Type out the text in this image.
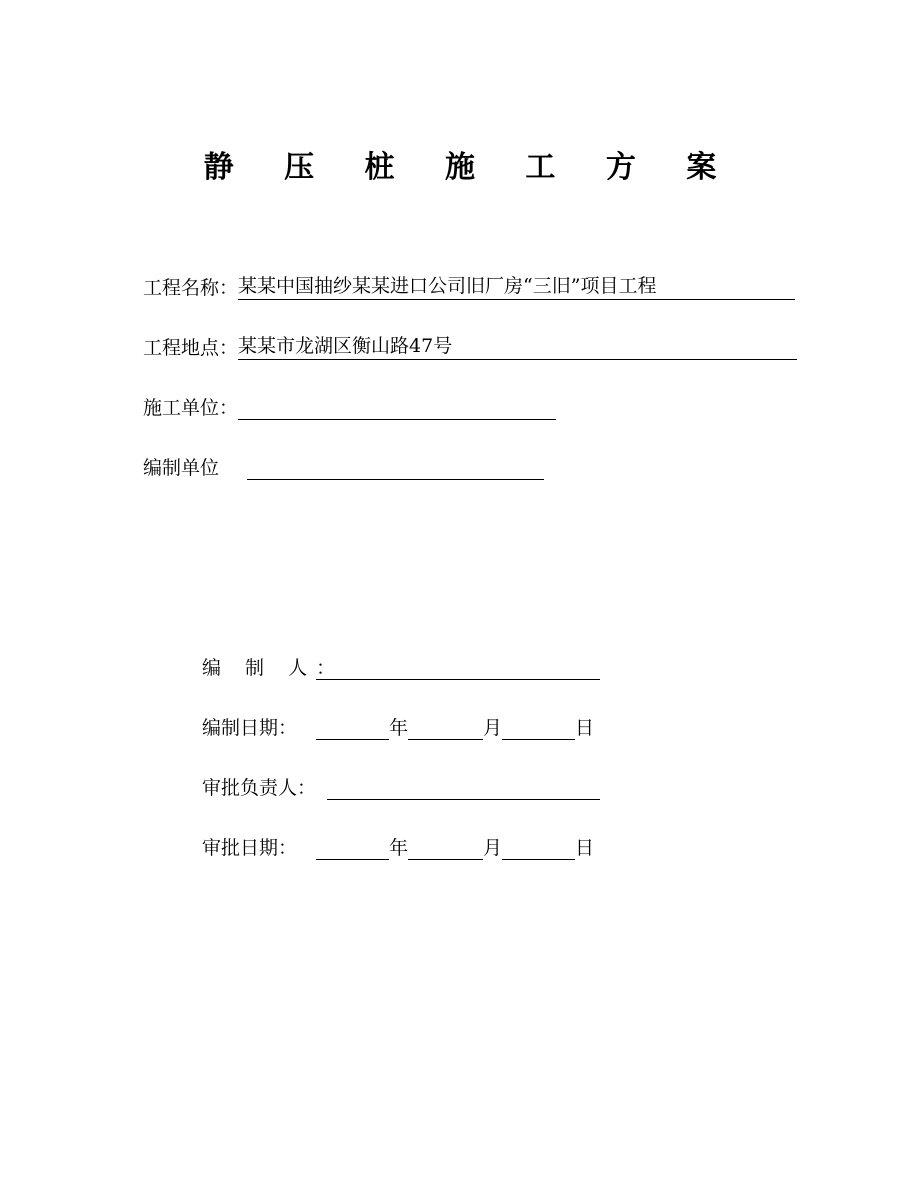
静 压 桩 施 工 方 案
工程名称： 某某中国抽纱某某进口公司旧厂房“三旧”项目工程
工程地点： 某某市龙湖区衡山路47号
施工单位：
编制单位
编 制 人：
编制日期：	年	月	日
审批负责人：
审批日期：	年	月	日
